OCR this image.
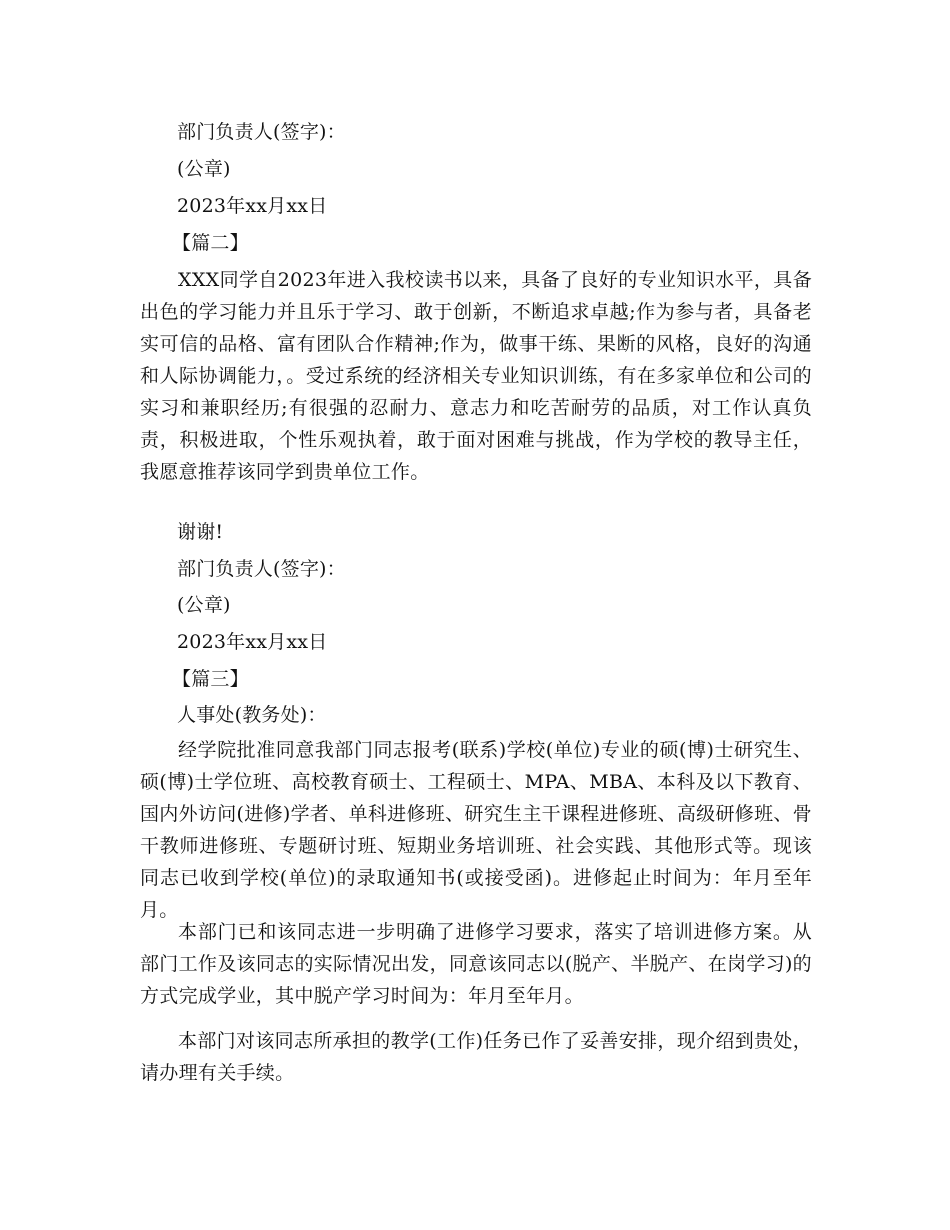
部门负责人(签字)：
(公章)
2023年xx月xx日
【篇二】
XXX同学自2023年进入我校读书以来，具备了良好的专业知识水平，具备出色的学习能力并且乐于学习、敢于创新，不断追求卓越;作为参与者，具备老实可信的品格、富有团队合作精神;作为，做事干练、果断的风格，良好的沟通和人际协调能力，。受过系统的经济相关专业知识训练，有在多家单位和公司的实习和兼职经历;有很强的忍耐力、意志力和吃苦耐劳的品质，对工作认真负责，积极进取，个性乐观执着，敢于面对困难与挑战，作为学校的教导主任，我愿意推荐该同学到贵单位工作。
谢谢!
部门负责人(签字)：
(公章)
2023年xx月xx日
【篇三】
人事处(教务处)：
经学院批准同意我部门同志报考(联系)学校(单位)专业的硕(博)士研究生、硕(博)士学位班、高校教育硕士、工程硕士、MPA、MBA、本科及以下教育、国内外访问(进修)学者、单科进修班、研究生主干课程进修班、高级研修班、骨干教师进修班、专题研讨班、短期业务培训班、社会实践、其他形式等。现该同志已收到学校(单位)的录取通知书(或接受函)。进修起止时间为：年月至年月。
本部门已和该同志进一步明确了进修学习要求，落实了培训进修方案。从部门工作及该同志的实际情况出发，同意该同志以(脱产、半脱产、在岗学习)的方式完成学业，其中脱产学习时间为：年月至年月。
本部门对该同志所承担的教学(工作)任务已作了妥善安排，现介绍到贵处，请办理有关手续。
